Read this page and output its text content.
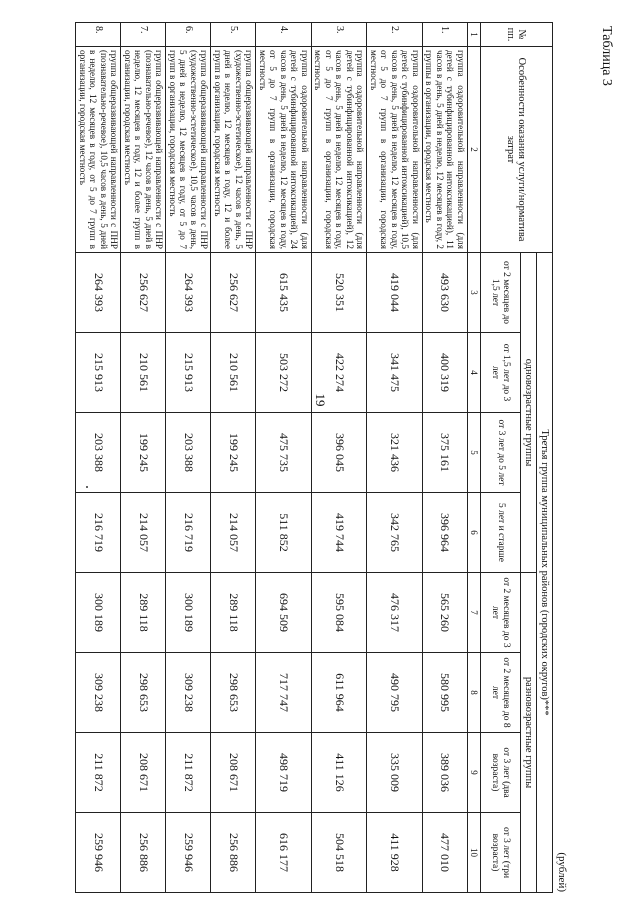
19
Таблица 3
(рублей)
№ пп.	Особенности оказания услуги/норматива затрат	Третья группа муниципальных районов (городских округов)***							
		одновозрастные группы				разновозрастные группы			
		от 2 месяцев до 1,5 лет	от 1,5 лет до 3 лет	от 3 лет до 5 лет	5 лет и старше	от 2 месяцев до 3 лет	от 2 месяцев до 8 лет	от 3 лет (два возраста)	от 3 лет (три возраста)
1	2	3	4	5	6	7	8	9	10
1.	группа оздоровительной направленности (для детей с тубинфицированной интоксикацией), 11 часов в день, 5 дней в неделю, 12 месяцев в году, 2 группы в организации, городская местность	493 630	400 319	375 161	396 964	565 260	580 995	389 036	477 010
2.	группа оздоровительной направленности (для детей с тубинфицированной интоксикацией), 10,5 часов в день, 5 дней в неделю, 12 месяцев в году, от 5 до 7 групп в организации, городская местность	419 044	341 475	321 436	342 765	476 317	490 795	335 009	411 928
3.	группа оздоровительной направленности (для детей с тубинфицированной интоксикацией), 12 часов в день, 5 дней в неделю, 12 месяцев в году, от 5 до 7 групп в организации, городская местность	520 351	422 274	396 045	419 744	595 084	611 964	411 126	504 518
4.	группа оздоровительной направленности (для детей с тубинфицированной интоксикацией), 24 часов в день, 5 дней в неделю, 12 месяцев в году, от 5 до 7 групп в организации, городская местность	615 435	503 272	475 735	511 852	694 509	717 747	498 719	616 177
5.	группа общеразвивающей направленности с ПНР (художественно-эстетическое), 12 часов в день, 5 дней в неделю, 12 месяцев в году, 12 и более групп в организации, городская местность	256 627	210 561	199 245	214 057	289 118	298 653	208 671	256 886
6.	группа общеразвивающей направленности с ПНР (художественно-эстетическое), 10,5 часов в день, 5 дней в неделю, 12 месяцев в году, от 5 до 7 групп в организации, городская местность	264 393	215 913	203 388	216 719	300 189	309 238	211 872	259 946
7.	группа общеразвивающей направленности с ПНР (познавательно-речевое), 12 часов в день, 5 дней в неделю, 12 месяцев в году, 12 и более групп в организации, городская местность	256 627	210 561	199 245	214 057	289 118	298 653	208 671	256 886
8.	группа общеразвивающей направленности с ПНР (познавательно-речевое), 10,5 часов в день, 5 дней в неделю, 12 месяцев в году, от 5 до 7 групп в организации, городская местность	264 393	215 913	203 388	216 719	300 189	309 238	211 872	259 946
